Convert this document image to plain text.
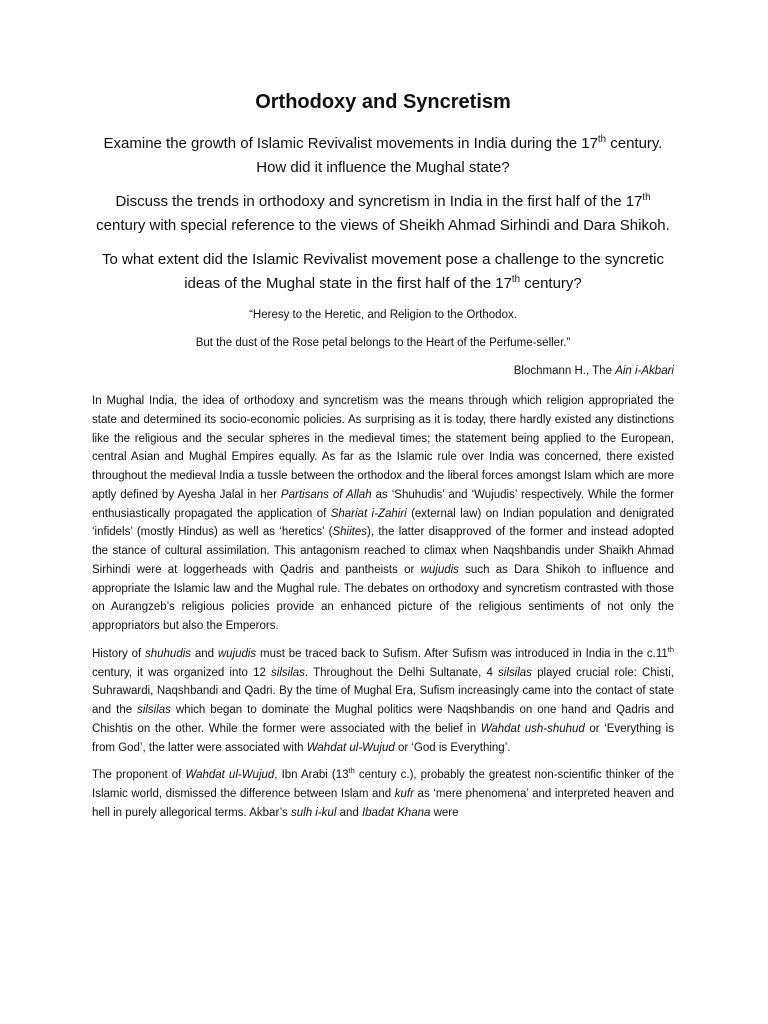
Orthodoxy and Syncretism

Examine the growth of Islamic Revivalist movements in India during the 17th century. How did it influence the Mughal state?

Discuss the trends in orthodoxy and syncretism in India in the first half of the 17th century with special reference to the views of Sheikh Ahmad Sirhindi and Dara Shikoh.

To what extent did the Islamic Revivalist movement pose a challenge to the syncretic ideas of the Mughal state in the first half of the 17th century?

“Heresy to the Heretic, and Religion to the Orthodox.

But the dust of the Rose petal belongs to the Heart of the Perfume-seller.”

Blochmann H., The Ain i-Akbari

In Mughal India, the idea of orthodoxy and syncretism was the means through which religion appropriated the state and determined its socio-economic policies. As surprising as it is today, there hardly existed any distinctions like the religious and the secular spheres in the medieval times; the statement being applied to the European, central Asian and Mughal Empires equally. As far as the Islamic rule over India was concerned, there existed throughout the medieval India a tussle between the orthodox and the liberal forces amongst Islam which are more aptly defined by Ayesha Jalal in her Partisans of Allah as ‘Shuhudis’ and ‘Wujudis’ respectively. While the former enthusiastically propagated the application of Shariat i-Zahiri (external law) on Indian population and denigrated ‘infidels’ (mostly Hindus) as well as ‘heretics’ (Shiites), the latter disapproved of the former and instead adopted the stance of cultural assimilation. This antagonism reached to climax when Naqshbandis under Shaikh Ahmad Sirhindi were at loggerheads with Qadris and pantheists or wujudis such as Dara Shikoh to influence and appropriate the Islamic law and the Mughal rule. The debates on orthodoxy and syncretism contrasted with those on Aurangzeb’s religious policies provide an enhanced picture of the religious sentiments of not only the appropriators but also the Emperors.

History of shuhudis and wujudis must be traced back to Sufism. After Sufism was introduced in India in the c.11th century, it was organized into 12 silsilas. Throughout the Delhi Sultanate, 4 silsilas played crucial role: Chisti, Suhrawardi, Naqshbandi and Qadri. By the time of Mughal Era, Sufism increasingly came into the contact of state and the silsilas which began to dominate the Mughal politics were Naqshbandis on one hand and Qadris and Chishtis on the other. While the former were associated with the belief in Wahdat ush-shuhud or ‘Everything is from God’, the latter were associated with Wahdat ul-Wujud or ‘God is Everything’.

The proponent of Wahdat ul-Wujud, Ibn Arabi (13th century c.), probably the greatest non-scientific thinker of the Islamic world, dismissed the difference between Islam and kufr as ‘mere phenomena’ and interpreted heaven and hell in purely allegorical terms. Akbar’s sulh i-kul and Ibadat Khana were
